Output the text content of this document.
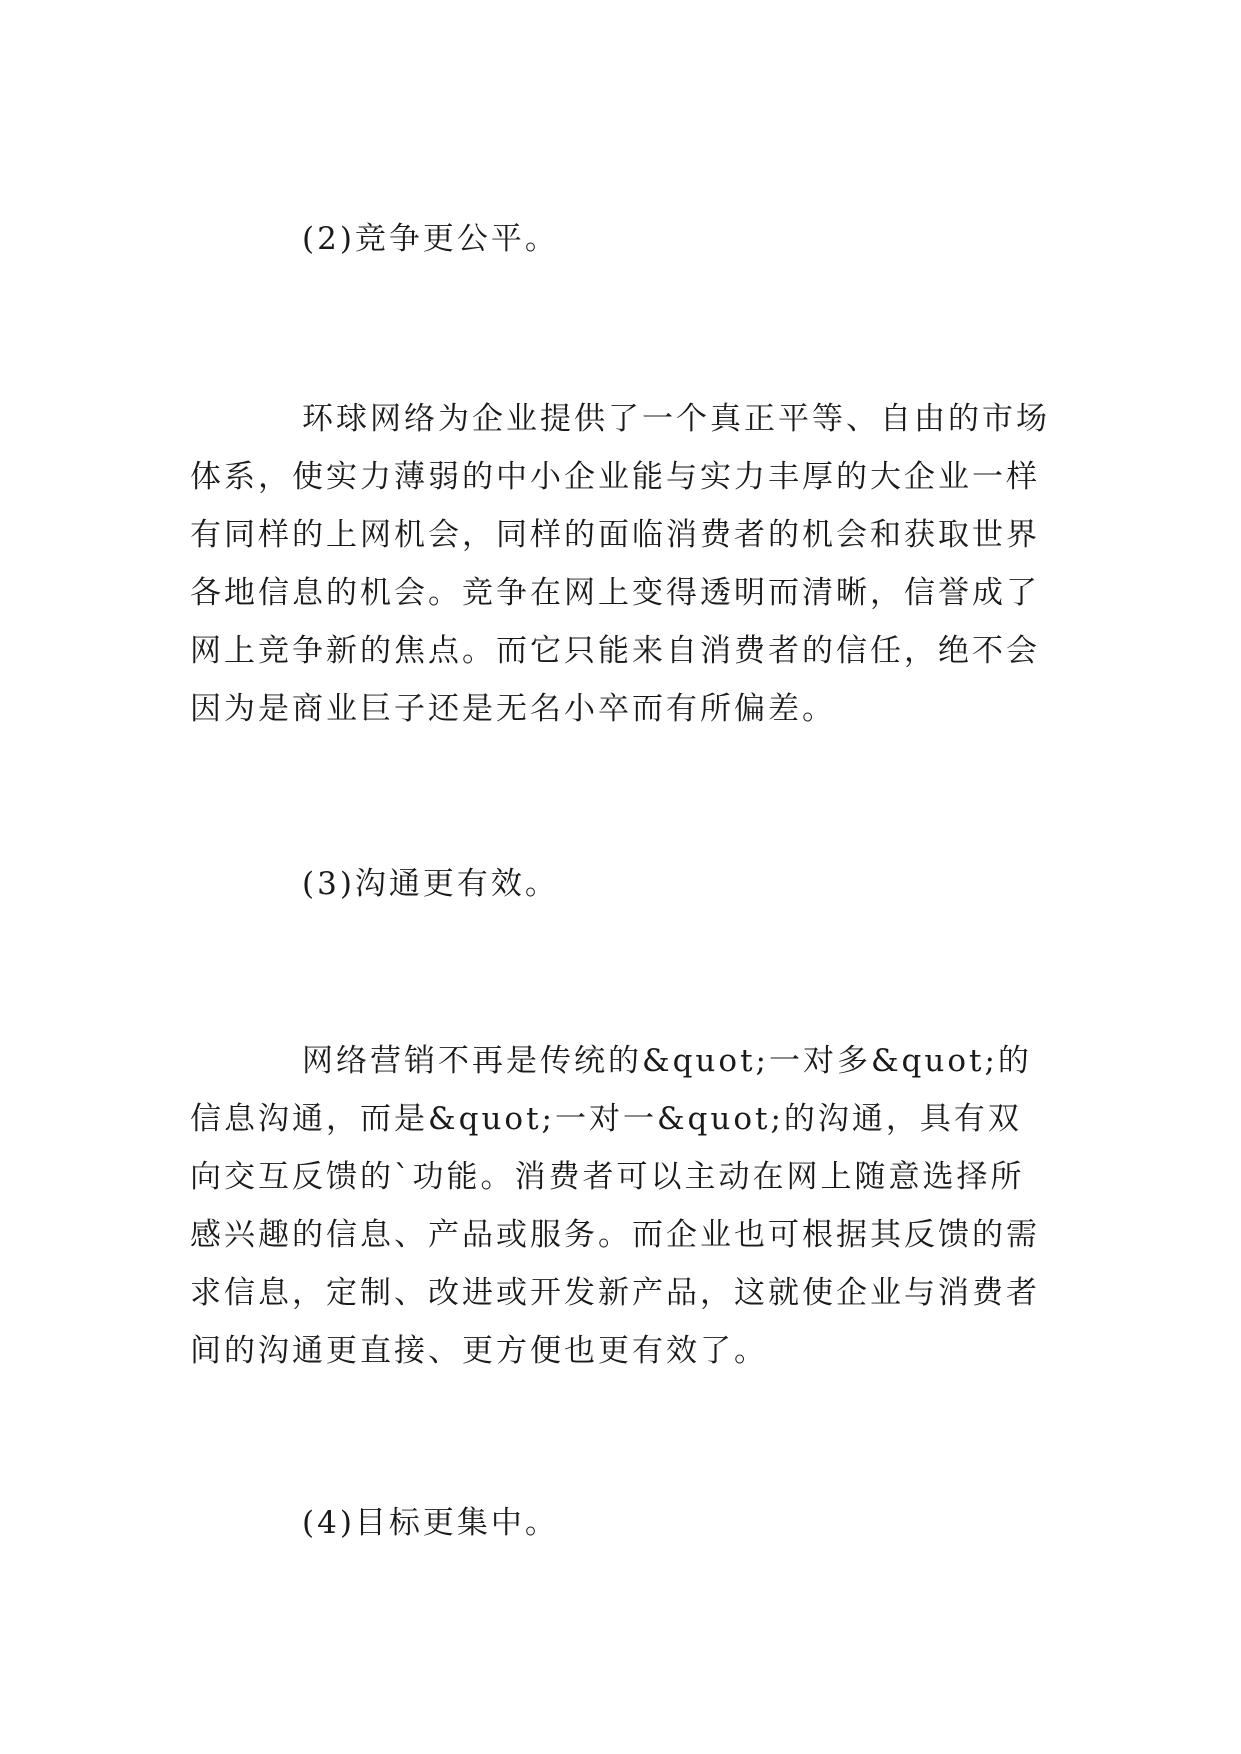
(2)竞争更公平。

环球网络为企业提供了一个真正平等、自由的市场体系，使实力薄弱的中小企业能与实力丰厚的大企业一样有同样的上网机会，同样的面临消费者的机会和获取世界各地信息的机会。竞争在网上变得透明而清晰，信誉成了网上竞争新的焦点。而它只能来自消费者的信任，绝不会因为是商业巨子还是无名小卒而有所偏差。

(3)沟通更有效。

网络营销不再是传统的&quot;一对多&quot;的信息沟通，而是&quot;一对一&quot;的沟通，具有双向交互反馈的`功能。消费者可以主动在网上随意选择所感兴趣的信息、产品或服务。而企业也可根据其反馈的需求信息，定制、改进或开发新产品，这就使企业与消费者间的沟通更直接、更方便也更有效了。

(4)目标更集中。
